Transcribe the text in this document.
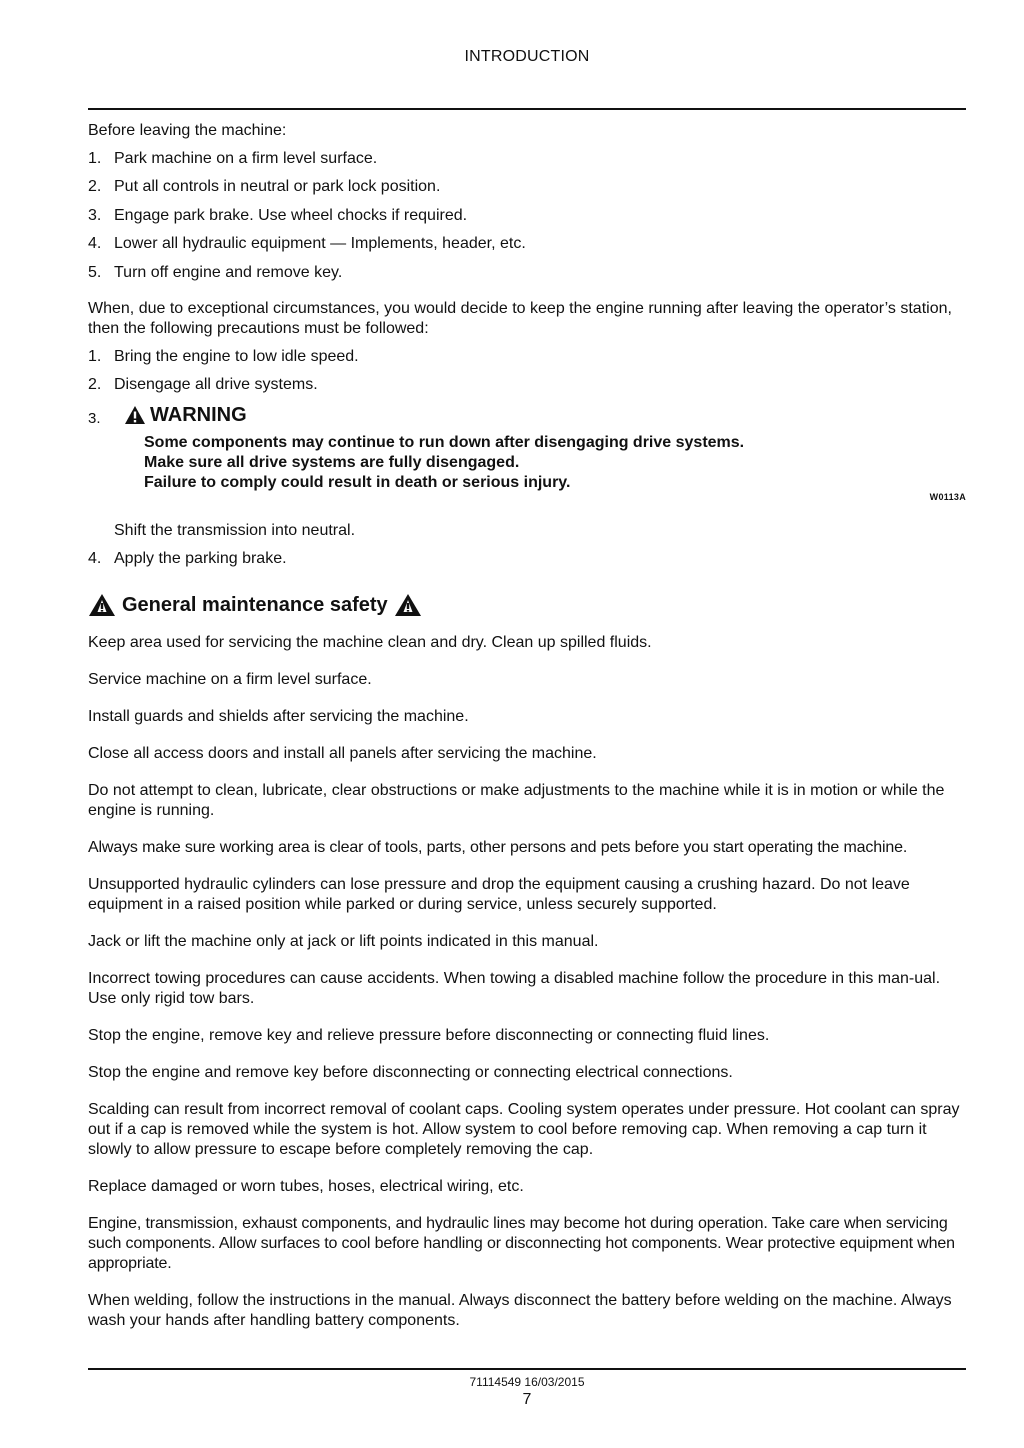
INTRODUCTION

Before leaving the machine:

1. Park machine on a firm level surface.
2. Put all controls in neutral or park lock position.
3. Engage park brake. Use wheel chocks if required.
4. Lower all hydraulic equipment — Implements, header, etc.
5. Turn off engine and remove key.

When, due to exceptional circumstances, you would decide to keep the engine running after leaving the operator’s station, then the following precautions must be followed:

1. Bring the engine to low idle speed.
2. Disengage all drive systems.
3.	WARNING
Some components may continue to run down after disengaging drive systems.
Make sure all drive systems are fully disengaged.
Failure to comply could result in death or serious injury.
W0113A

Shift the transmission into neutral.

4. Apply the parking brake.
General maintenance safety

Keep area used for servicing the machine clean and dry. Clean up spilled fluids.

Service machine on a firm level surface.

Install guards and shields after servicing the machine.

Close all access doors and install all panels after servicing the machine.

Do not attempt to clean, lubricate, clear obstructions or make adjustments to the machine while it is in motion or while the engine is running.

Always make sure working area is clear of tools, parts, other persons and pets before you start operating the machine.

Unsupported hydraulic cylinders can lose pressure and drop the equipment causing a crushing hazard. Do not leave equipment in a raised position while parked or during service, unless securely supported.

Jack or lift the machine only at jack or lift points indicated in this manual.

Incorrect towing procedures can cause accidents. When towing a disabled machine follow the procedure in this man-ual. Use only rigid tow bars.

Stop the engine, remove key and relieve pressure before disconnecting or connecting fluid lines.

Stop the engine and remove key before disconnecting or connecting electrical connections.

Scalding can result from incorrect removal of coolant caps. Cooling system operates under pressure. Hot coolant can spray out if a cap is removed while the system is hot. Allow system to cool before removing cap. When removing a cap turn it slowly to allow pressure to escape before completely removing the cap.

Replace damaged or worn tubes, hoses, electrical wiring, etc.

Engine, transmission, exhaust components, and hydraulic lines may become hot during operation. Take care when servicing such components. Allow surfaces to cool before handling or disconnecting hot components. Wear protective equipment when appropriate.

When welding, follow the instructions in the manual. Always disconnect the battery before welding on the machine. Always wash your hands after handling battery components.

71114549 16/03/2015
7
